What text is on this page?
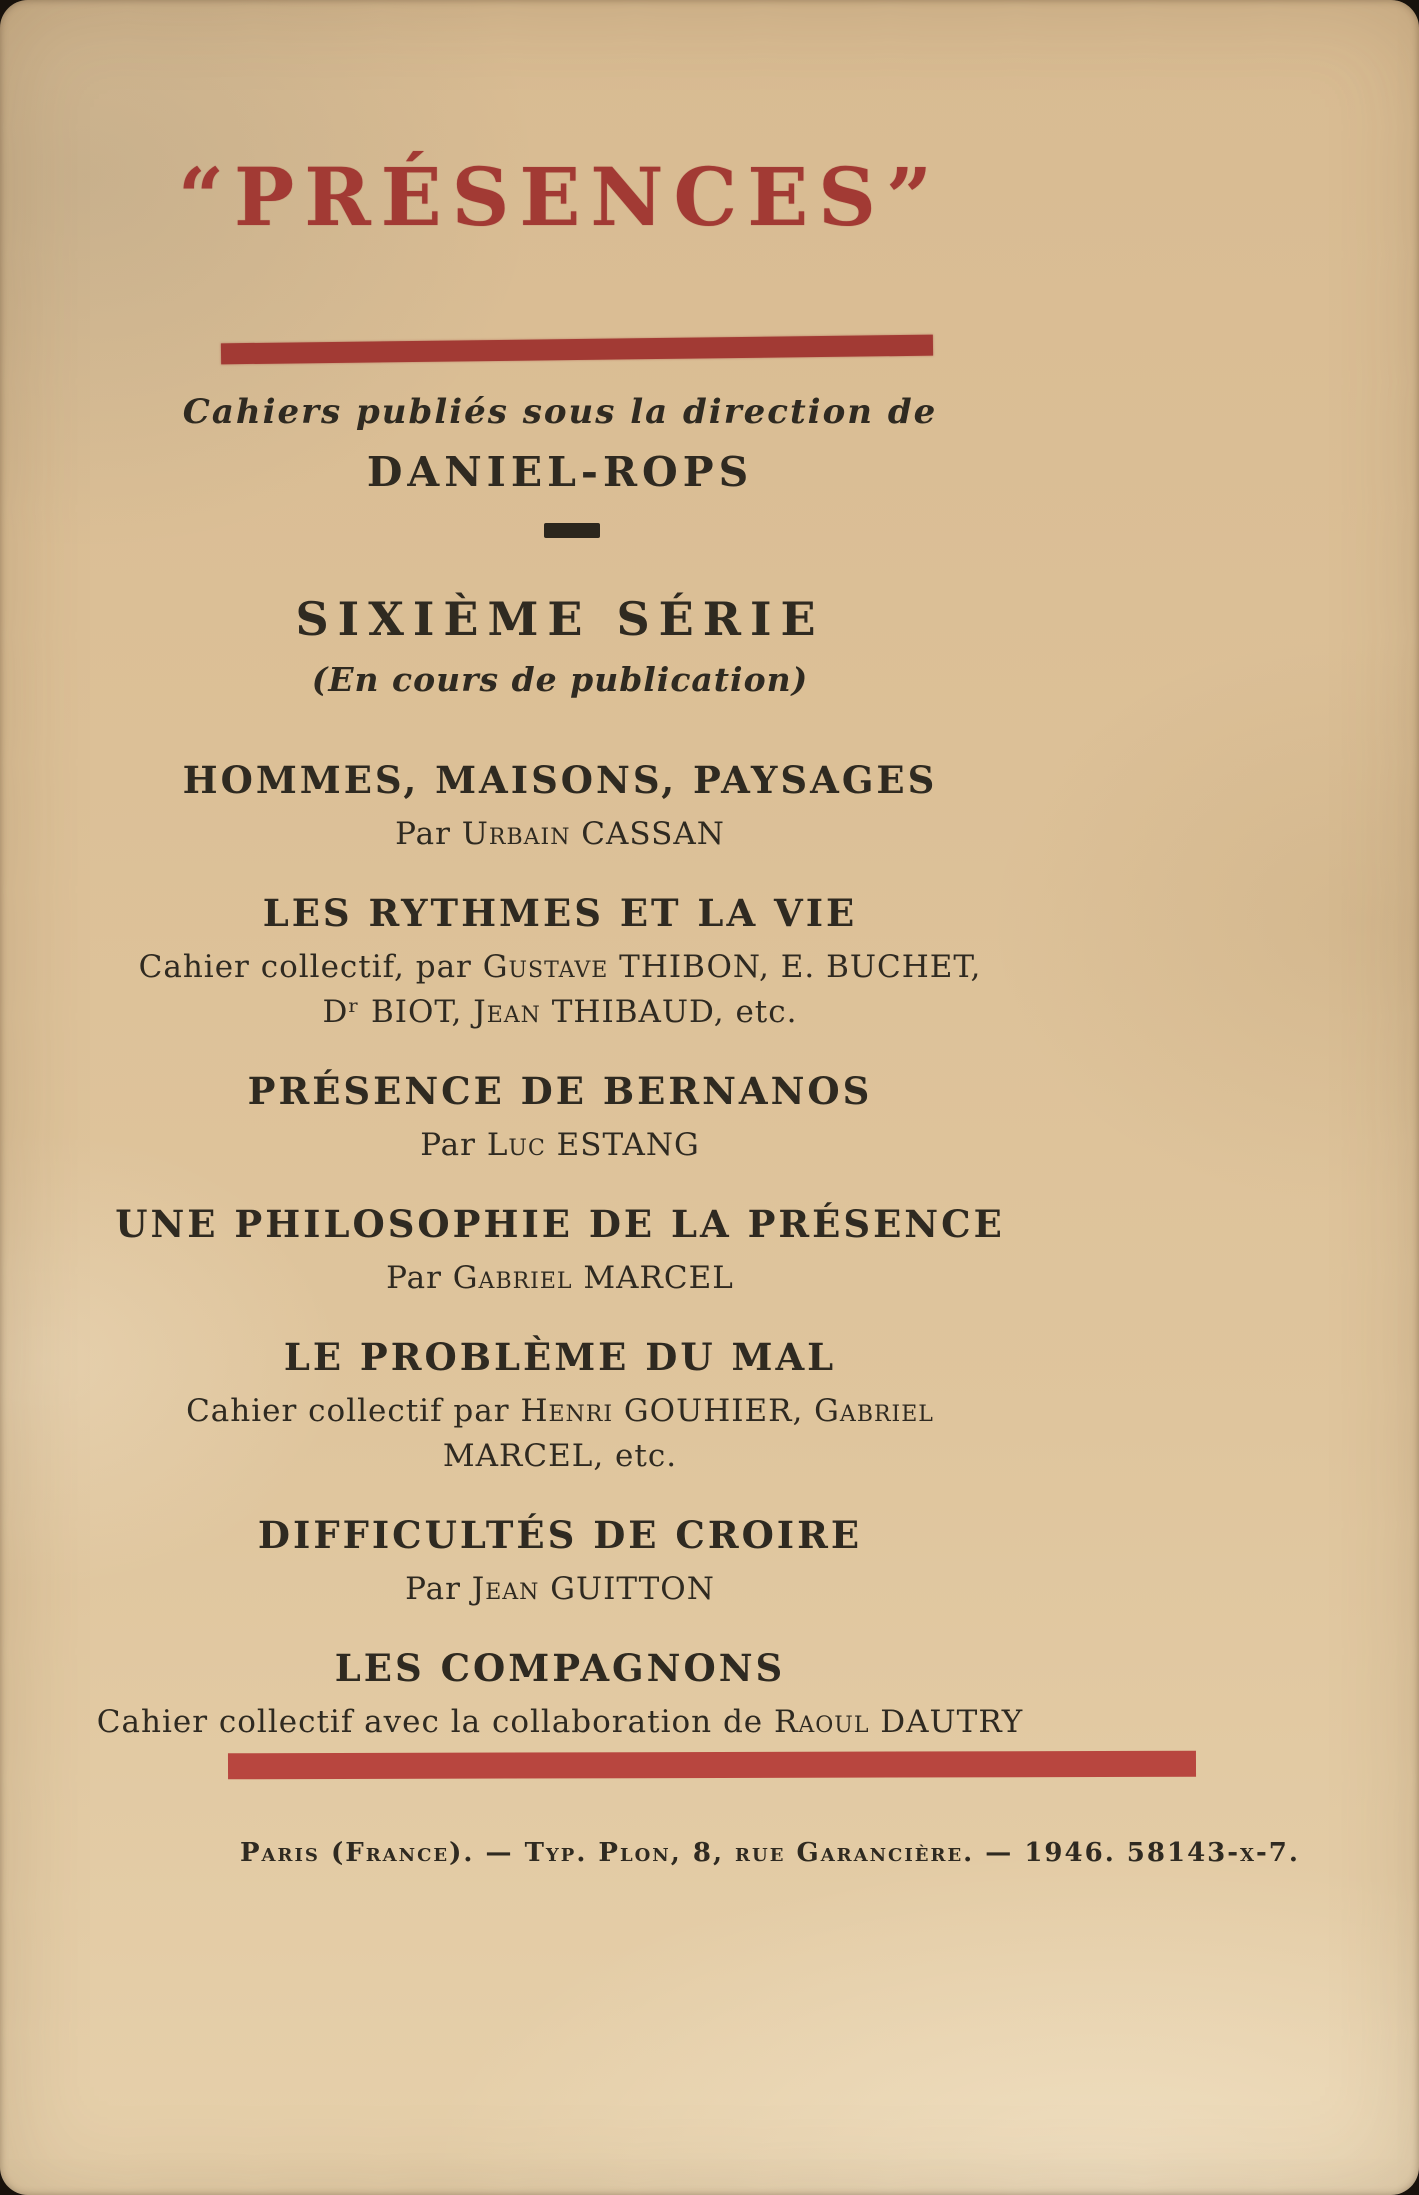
“PRÉSENCES”
Cahiers publiés sous la direction de
DANIEL-ROPS
SIXIÈME SÉRIE
(En cours de publication)
HOMMES, MAISONS, PAYSAGES
Par Urbain CASSAN
LES RYTHMES ET LA VIE
Cahier collectif, par Gustave THIBON, E. BUCHET,
Dʳ BIOT, Jean THIBAUD, etc.
PRÉSENCE DE BERNANOS
Par Luc ESTANG
UNE PHILOSOPHIE DE LA PRÉSENCE
Par Gabriel MARCEL
LE PROBLÈME DU MAL
Cahier collectif par Henri GOUHIER, Gabriel
MARCEL, etc.
DIFFICULTÉS DE CROIRE
Par Jean GUITTON
LES COMPAGNONS
Cahier collectif avec la collaboration de Raoul DAUTRY
Paris (France). — Typ. Plon, 8, rue Garancière. — 1946. 58143-x-7.
